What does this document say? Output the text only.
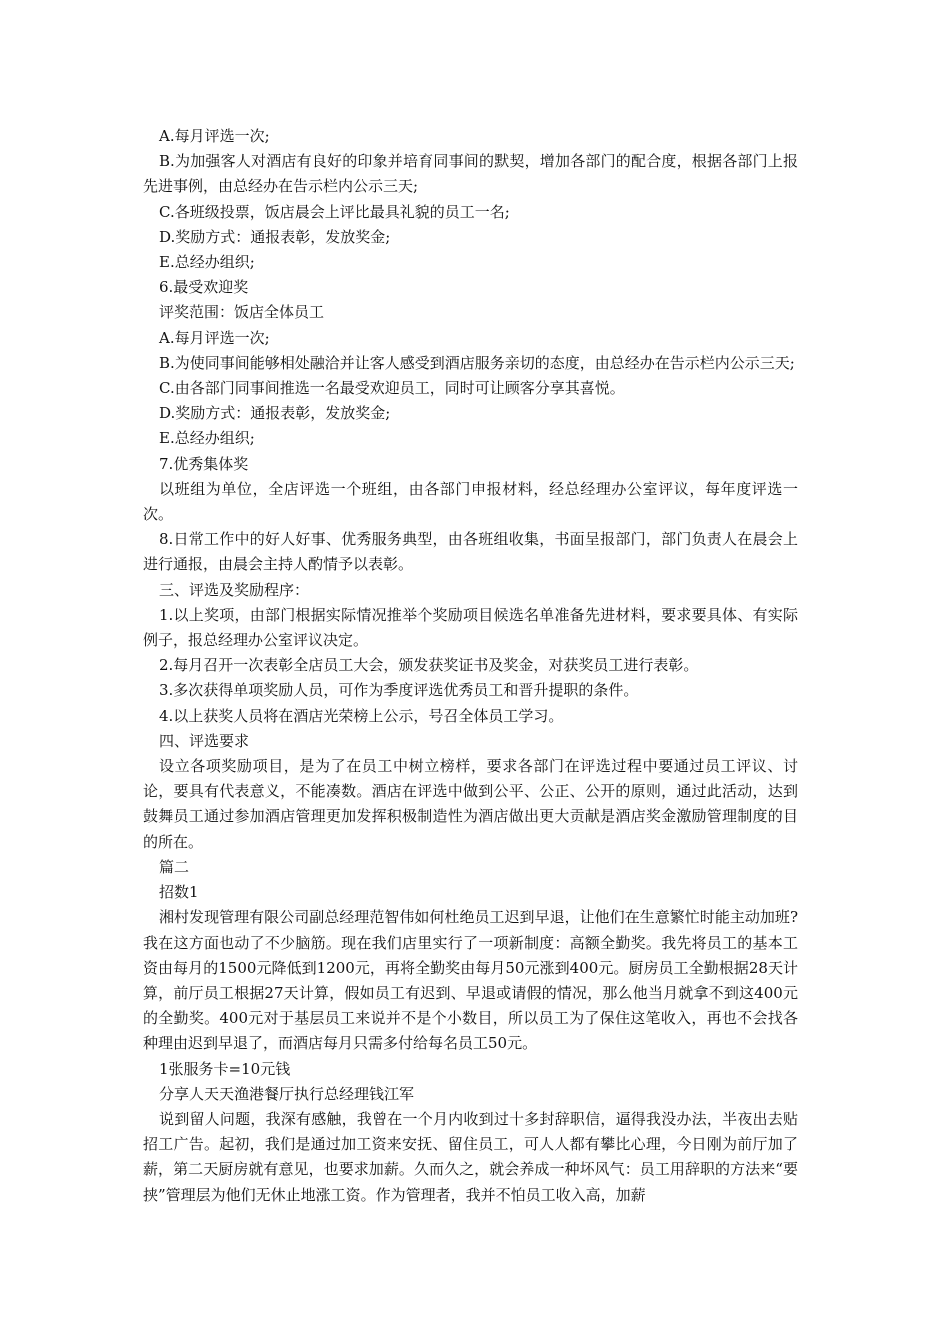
A.每月评选一次;

B.为加强客人对酒店有良好的印象并培育同事间的默契，增加各部门的配合度，根据各部门上报先进事例，由总经办在告示栏内公示三天;

C.各班级投票，饭店晨会上评比最具礼貌的员工一名;

D.奖励方式：通报表彰，发放奖金;

E.总经办组织;

6.最受欢迎奖

评奖范围：饭店全体员工

A.每月评选一次;

B.为使同事间能够相处融洽并让客人感受到酒店服务亲切的态度，由总经办在告示栏内公示三天;

C.由各部门同事间推选一名最受欢迎员工，同时可让顾客分享其喜悦。

D.奖励方式：通报表彰，发放奖金;

E.总经办组织;

7.优秀集体奖

以班组为单位，全店评选一个班组，由各部门申报材料，经总经理办公室评议，每年度评选一次。

8.日常工作中的好人好事、优秀服务典型，由各班组收集，书面呈报部门，部门负责人在晨会上进行通报，由晨会主持人酌情予以表彰。

三、评选及奖励程序：

1.以上奖项，由部门根据实际情况推举个奖励项目候选名单准备先进材料，要求要具体、有实际例子，报总经理办公室评议决定。

2.每月召开一次表彰全店员工大会，颁发获奖证书及奖金，对获奖员工进行表彰。

3.多次获得单项奖励人员，可作为季度评选优秀员工和晋升提职的条件。

4.以上获奖人员将在酒店光荣榜上公示，号召全体员工学习。

四、评选要求

设立各项奖励项目，是为了在员工中树立榜样，要求各部门在评选过程中要通过员工评议、讨论，要具有代表意义，不能凑数。酒店在评选中做到公平、公正、公开的原则，通过此活动，达到鼓舞员工通过参加酒店管理更加发挥积极制造性为酒店做出更大贡献是酒店奖金激励管理制度的目的所在。

篇二

招数1

湘村发现管理有限公司副总经理范智伟如何杜绝员工迟到早退，让他们在生意繁忙时能主动加班?我在这方面也动了不少脑筋。现在我们店里实行了一项新制度：高额全勤奖。我先将员工的基本工资由每月的1500元降低到1200元，再将全勤奖由每月50元涨到400元。厨房员工全勤根据28天计算，前厅员工根据27天计算，假如员工有迟到、早退或请假的情况，那么他当月就拿不到这400元的全勤奖。400元对于基层员工来说并不是个小数目，所以员工为了保住这笔收入，再也不会找各种理由迟到早退了，而酒店每月只需多付给每名员工50元。

1张服务卡=10元钱

分享人天天渔港餐厅执行总经理钱江军

说到留人问题，我深有感触，我曾在一个月内收到过十多封辞职信，逼得我没办法，半夜出去贴招工广告。起初，我们是通过加工资来安抚、留住员工，可人人都有攀比心理，今日刚为前厅加了薪，第二天厨房就有意见，也要求加薪。久而久之，就会养成一种坏风气：员工用辞职的方法来“要挟”管理层为他们无休止地涨工资。作为管理者，我并不怕员工收入高，加薪
